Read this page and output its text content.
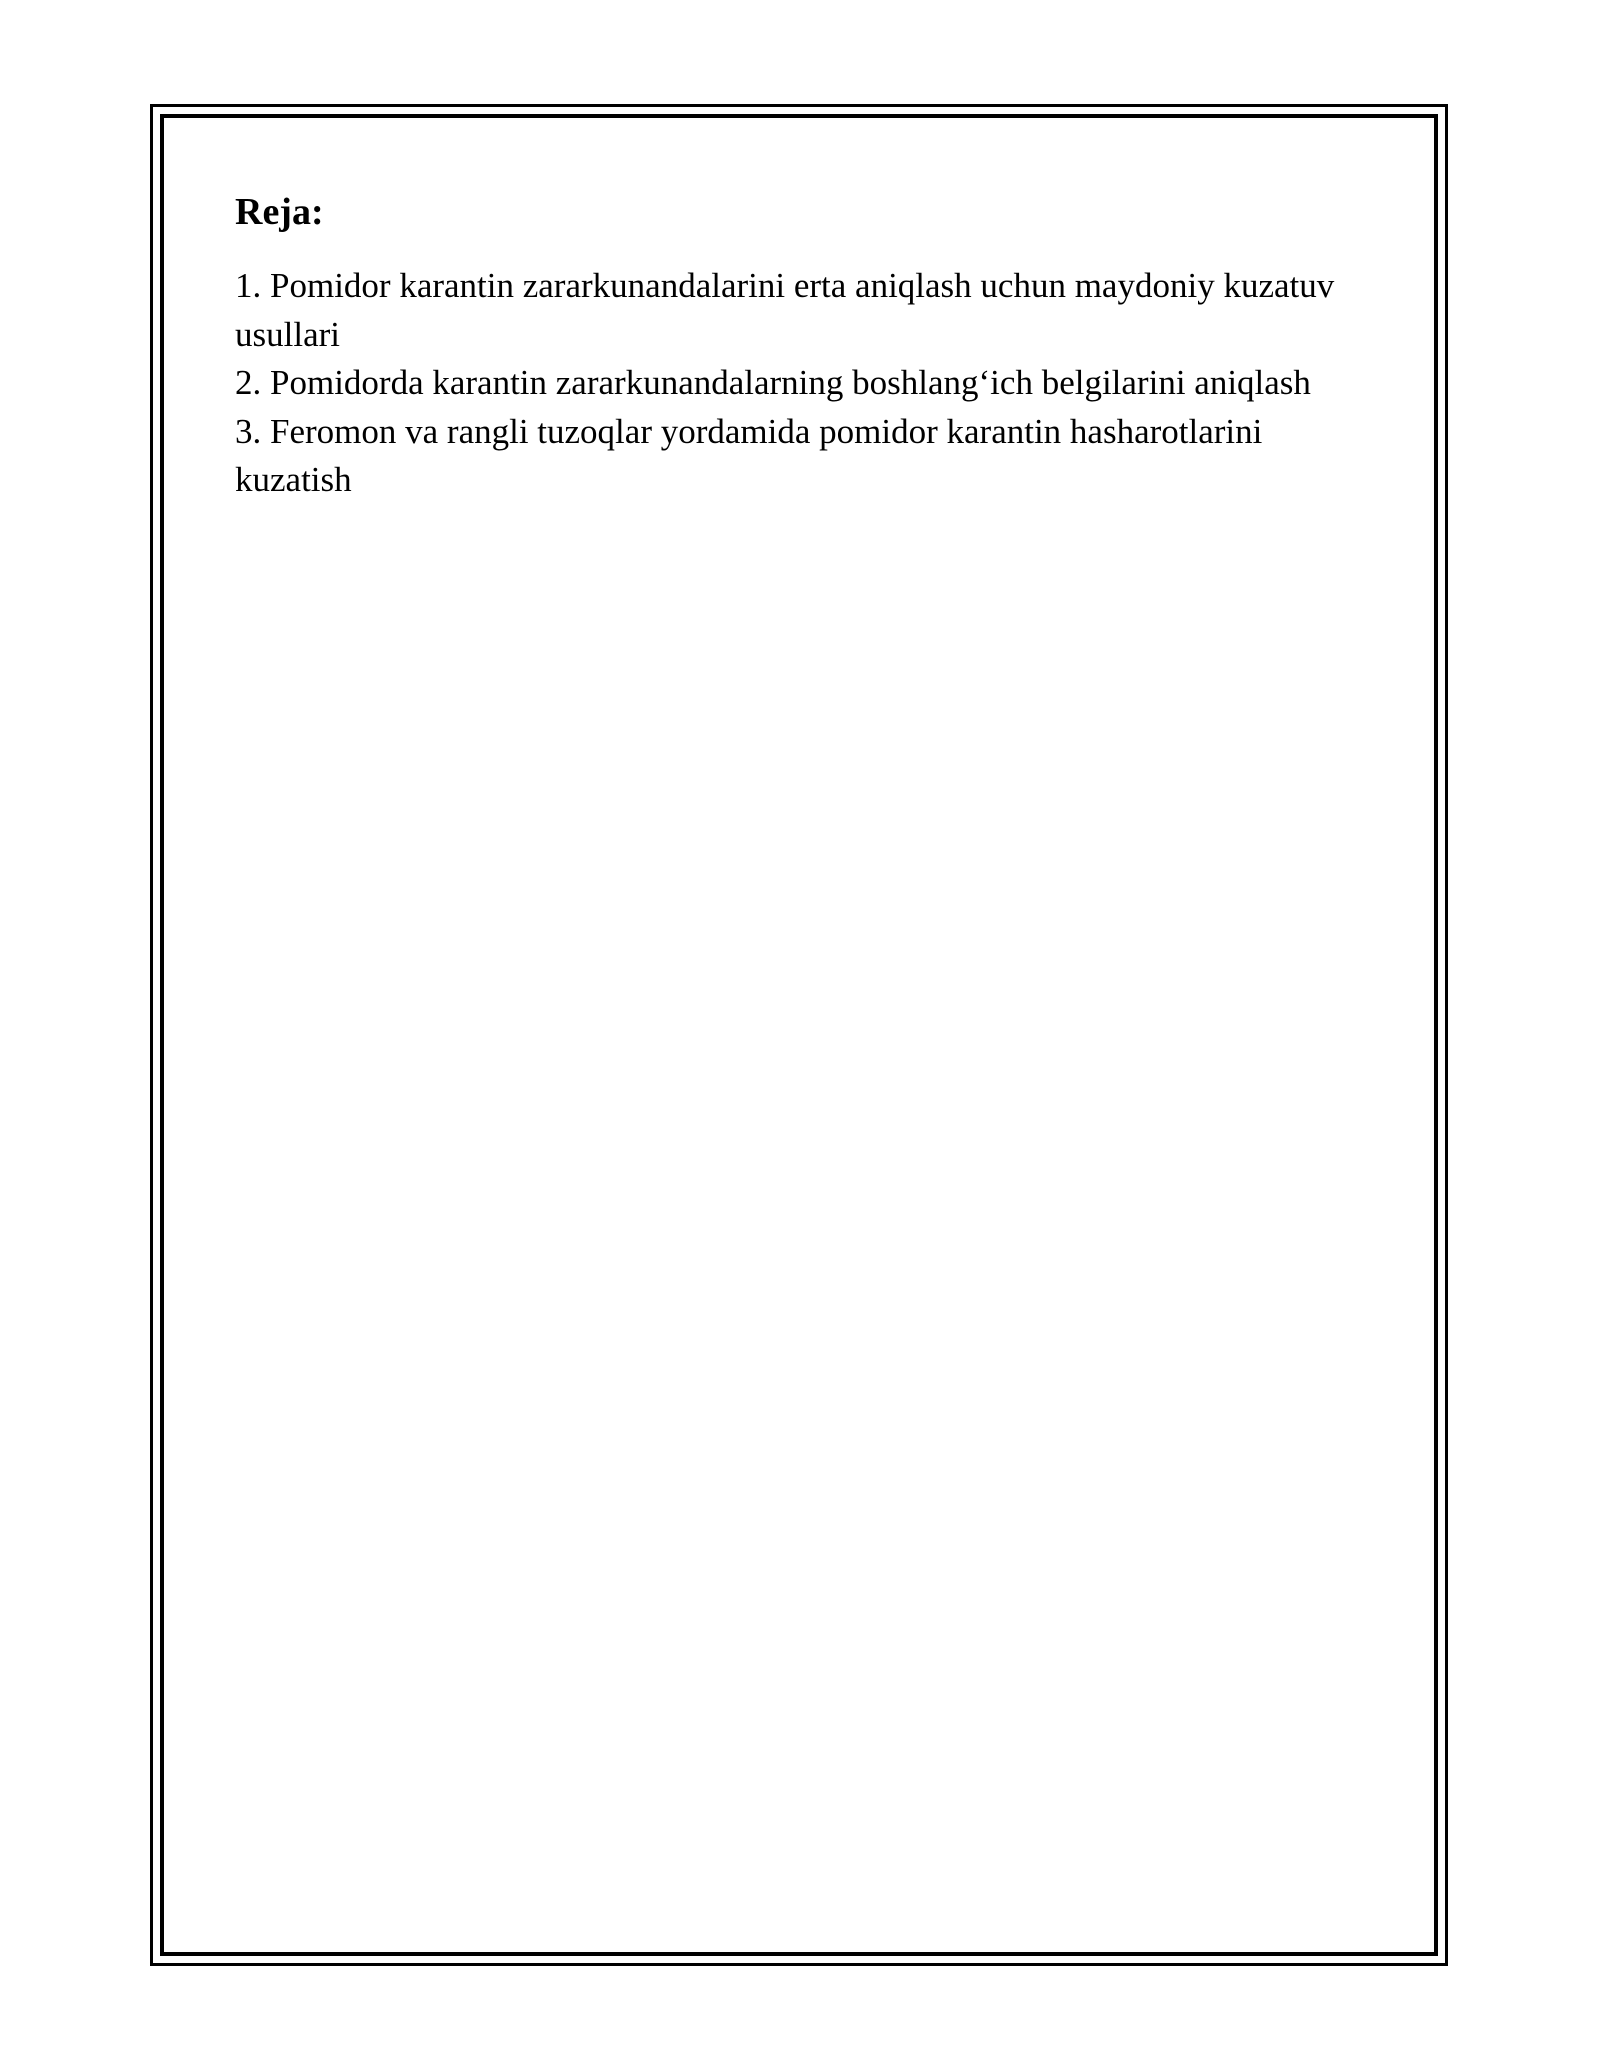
Reja:
1. Pomidor karantin zararkunandalarini erta aniqlash uchun maydoniy kuzatuv usullari
2. Pomidorda karantin zararkunandalarning boshlang‘ich belgilarini aniqlash
3. Feromon va rangli tuzoqlar yordamida pomidor karantin hasharotlarini kuzatish
